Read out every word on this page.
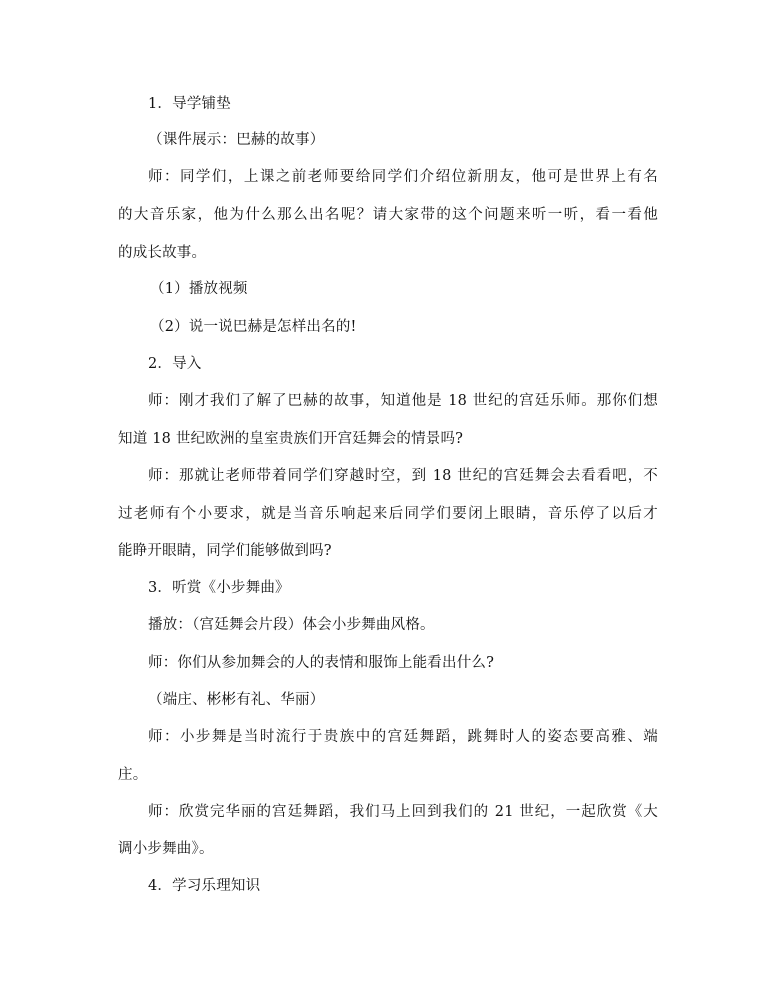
1．导学铺垫
（课件展示：巴赫的故事）
师：同学们，上课之前老师要给同学们介绍位新朋友，他可是世界上有名
的大音乐家，他为什么那么出名呢？请大家带的这个问题来听一听，看一看他
的成长故事。
（1）播放视频
（2）说一说巴赫是怎样出名的!
2．导入
师：刚才我们了解了巴赫的故事，知道他是 18 世纪的宫廷乐师。那你们想
知道 18 世纪欧洲的皇室贵族们开宫廷舞会的情景吗?
师：那就让老师带着同学们穿越时空，到 18 世纪的宫廷舞会去看看吧，不
过老师有个小要求，就是当音乐响起来后同学们要闭上眼睛，音乐停了以后才
能睁开眼睛，同学们能够做到吗?
3．听赏《小步舞曲》
播放：（宫廷舞会片段）体会小步舞曲风格。
师：你们从参加舞会的人的表情和服饰上能看出什么?
（端庄、彬彬有礼、华丽）
师：小步舞是当时流行于贵族中的宫廷舞蹈，跳舞时人的姿态要高雅、端
庄。
师：欣赏完华丽的宫廷舞蹈，我们马上回到我们的 21 世纪，一起欣赏《大
调小步舞曲》。
4．学习乐理知识
